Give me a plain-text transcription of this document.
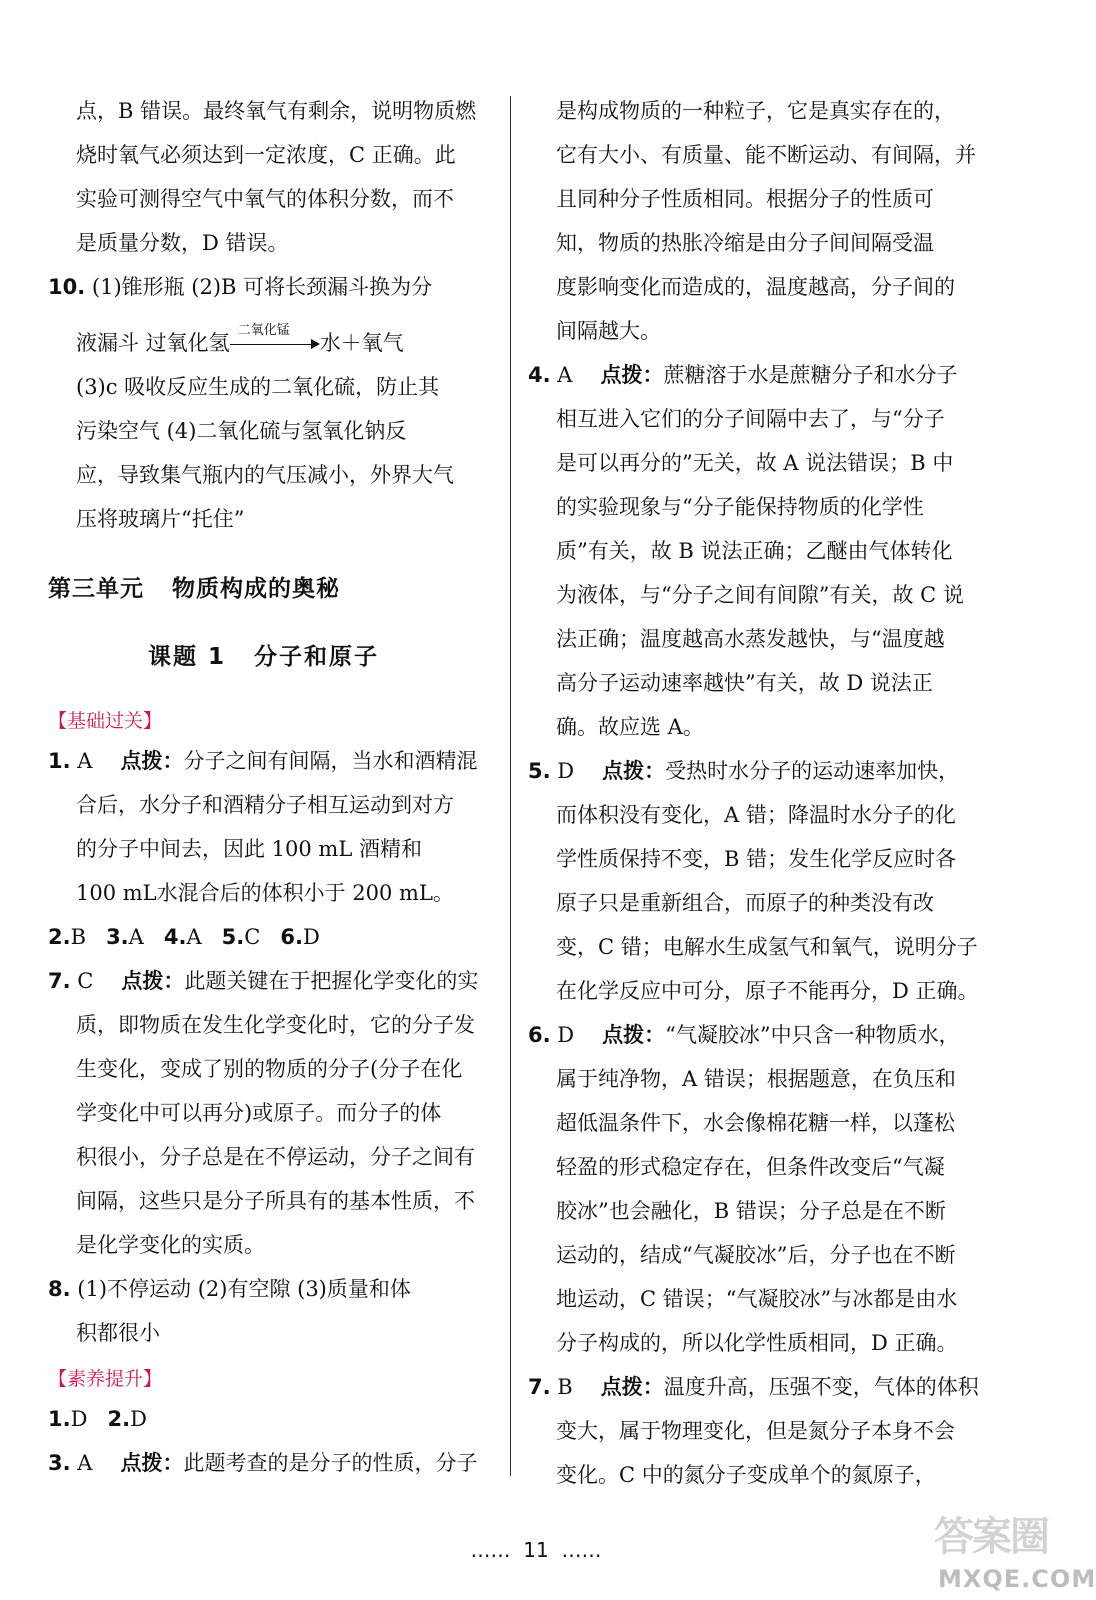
点，B 错误。最终氧气有剩余，说明物质燃
烧时氧气必须达到一定浓度，C 正确。此
实验可测得空气中氧气的体积分数，而不
是质量分数，D 错误。
10. (1)锥形瓶 (2)B 可将长颈漏斗换为分
液漏斗 过氧化氢
二氧化锰
水＋氧气
(3)c 吸收反应生成的二氧化硫，防止其
污染空气 (4)二氧化硫与氢氧化钠反
应，导致集气瓶内的气压减小，外界大气
压将玻璃片“托住”
第三单元 物质构成的奥秘
课题 1 分子和原子
【基础过关】
1. A 点拨：分子之间有间隔，当水和酒精混
合后，水分子和酒精分子相互运动到对方
的分子中间去，因此 100 mL 酒精和
100 mL水混合后的体积小于 200 mL。
2.B 3.A 4.A 5.C 6.D
7. C 点拨：此题关键在于把握化学变化的实
质，即物质在发生化学变化时，它的分子发
生变化，变成了别的物质的分子(分子在化
学变化中可以再分)或原子。而分子的体
积很小，分子总是在不停运动，分子之间有
间隔，这些只是分子所具有的基本性质，不
是化学变化的实质。
8. (1)不停运动 (2)有空隙 (3)质量和体
积都很小
【素养提升】
1.D 2.D
3. A 点拨：此题考查的是分子的性质，分子
是构成物质的一种粒子，它是真实存在的，
它有大小、有质量、能不断运动、有间隔，并
且同种分子性质相同。根据分子的性质可
知，物质的热胀冷缩是由分子间间隔受温
度影响变化而造成的，温度越高，分子间的
间隔越大。
4. A 点拨：蔗糖溶于水是蔗糖分子和水分子
相互进入它们的分子间隔中去了，与“分子
是可以再分的”无关，故 A 说法错误；B 中
的实验现象与“分子能保持物质的化学性
质”有关，故 B 说法正确；乙醚由气体转化
为液体，与“分子之间有间隙”有关，故 C 说
法正确；温度越高水蒸发越快，与“温度越
高分子运动速率越快”有关，故 D 说法正
确。故应选 A。
5. D 点拨：受热时水分子的运动速率加快，
而体积没有变化，A 错；降温时水分子的化
学性质保持不变，B 错；发生化学反应时各
原子只是重新组合，而原子的种类没有改
变，C 错；电解水生成氢气和氧气，说明分子
在化学反应中可分，原子不能再分，D 正确。
6. D 点拨：“气凝胶冰”中只含一种物质水，
属于纯净物，A 错误；根据题意，在负压和
超低温条件下，水会像棉花糖一样，以蓬松
轻盈的形式稳定存在，但条件改变后“气凝
胶冰”也会融化，B 错误；分子总是在不断
运动的，结成“气凝胶冰”后，分子也在不断
地运动，C 错误；“气凝胶冰”与冰都是由水
分子构成的，所以化学性质相同，D 正确。
7. B 点拨：温度升高，压强不变，气体的体积
变大，属于物理变化，但是氮分子本身不会
变化。C 中的氮分子变成单个的氮原子，
…… 11 ……	答案圈
MXQE.COM
